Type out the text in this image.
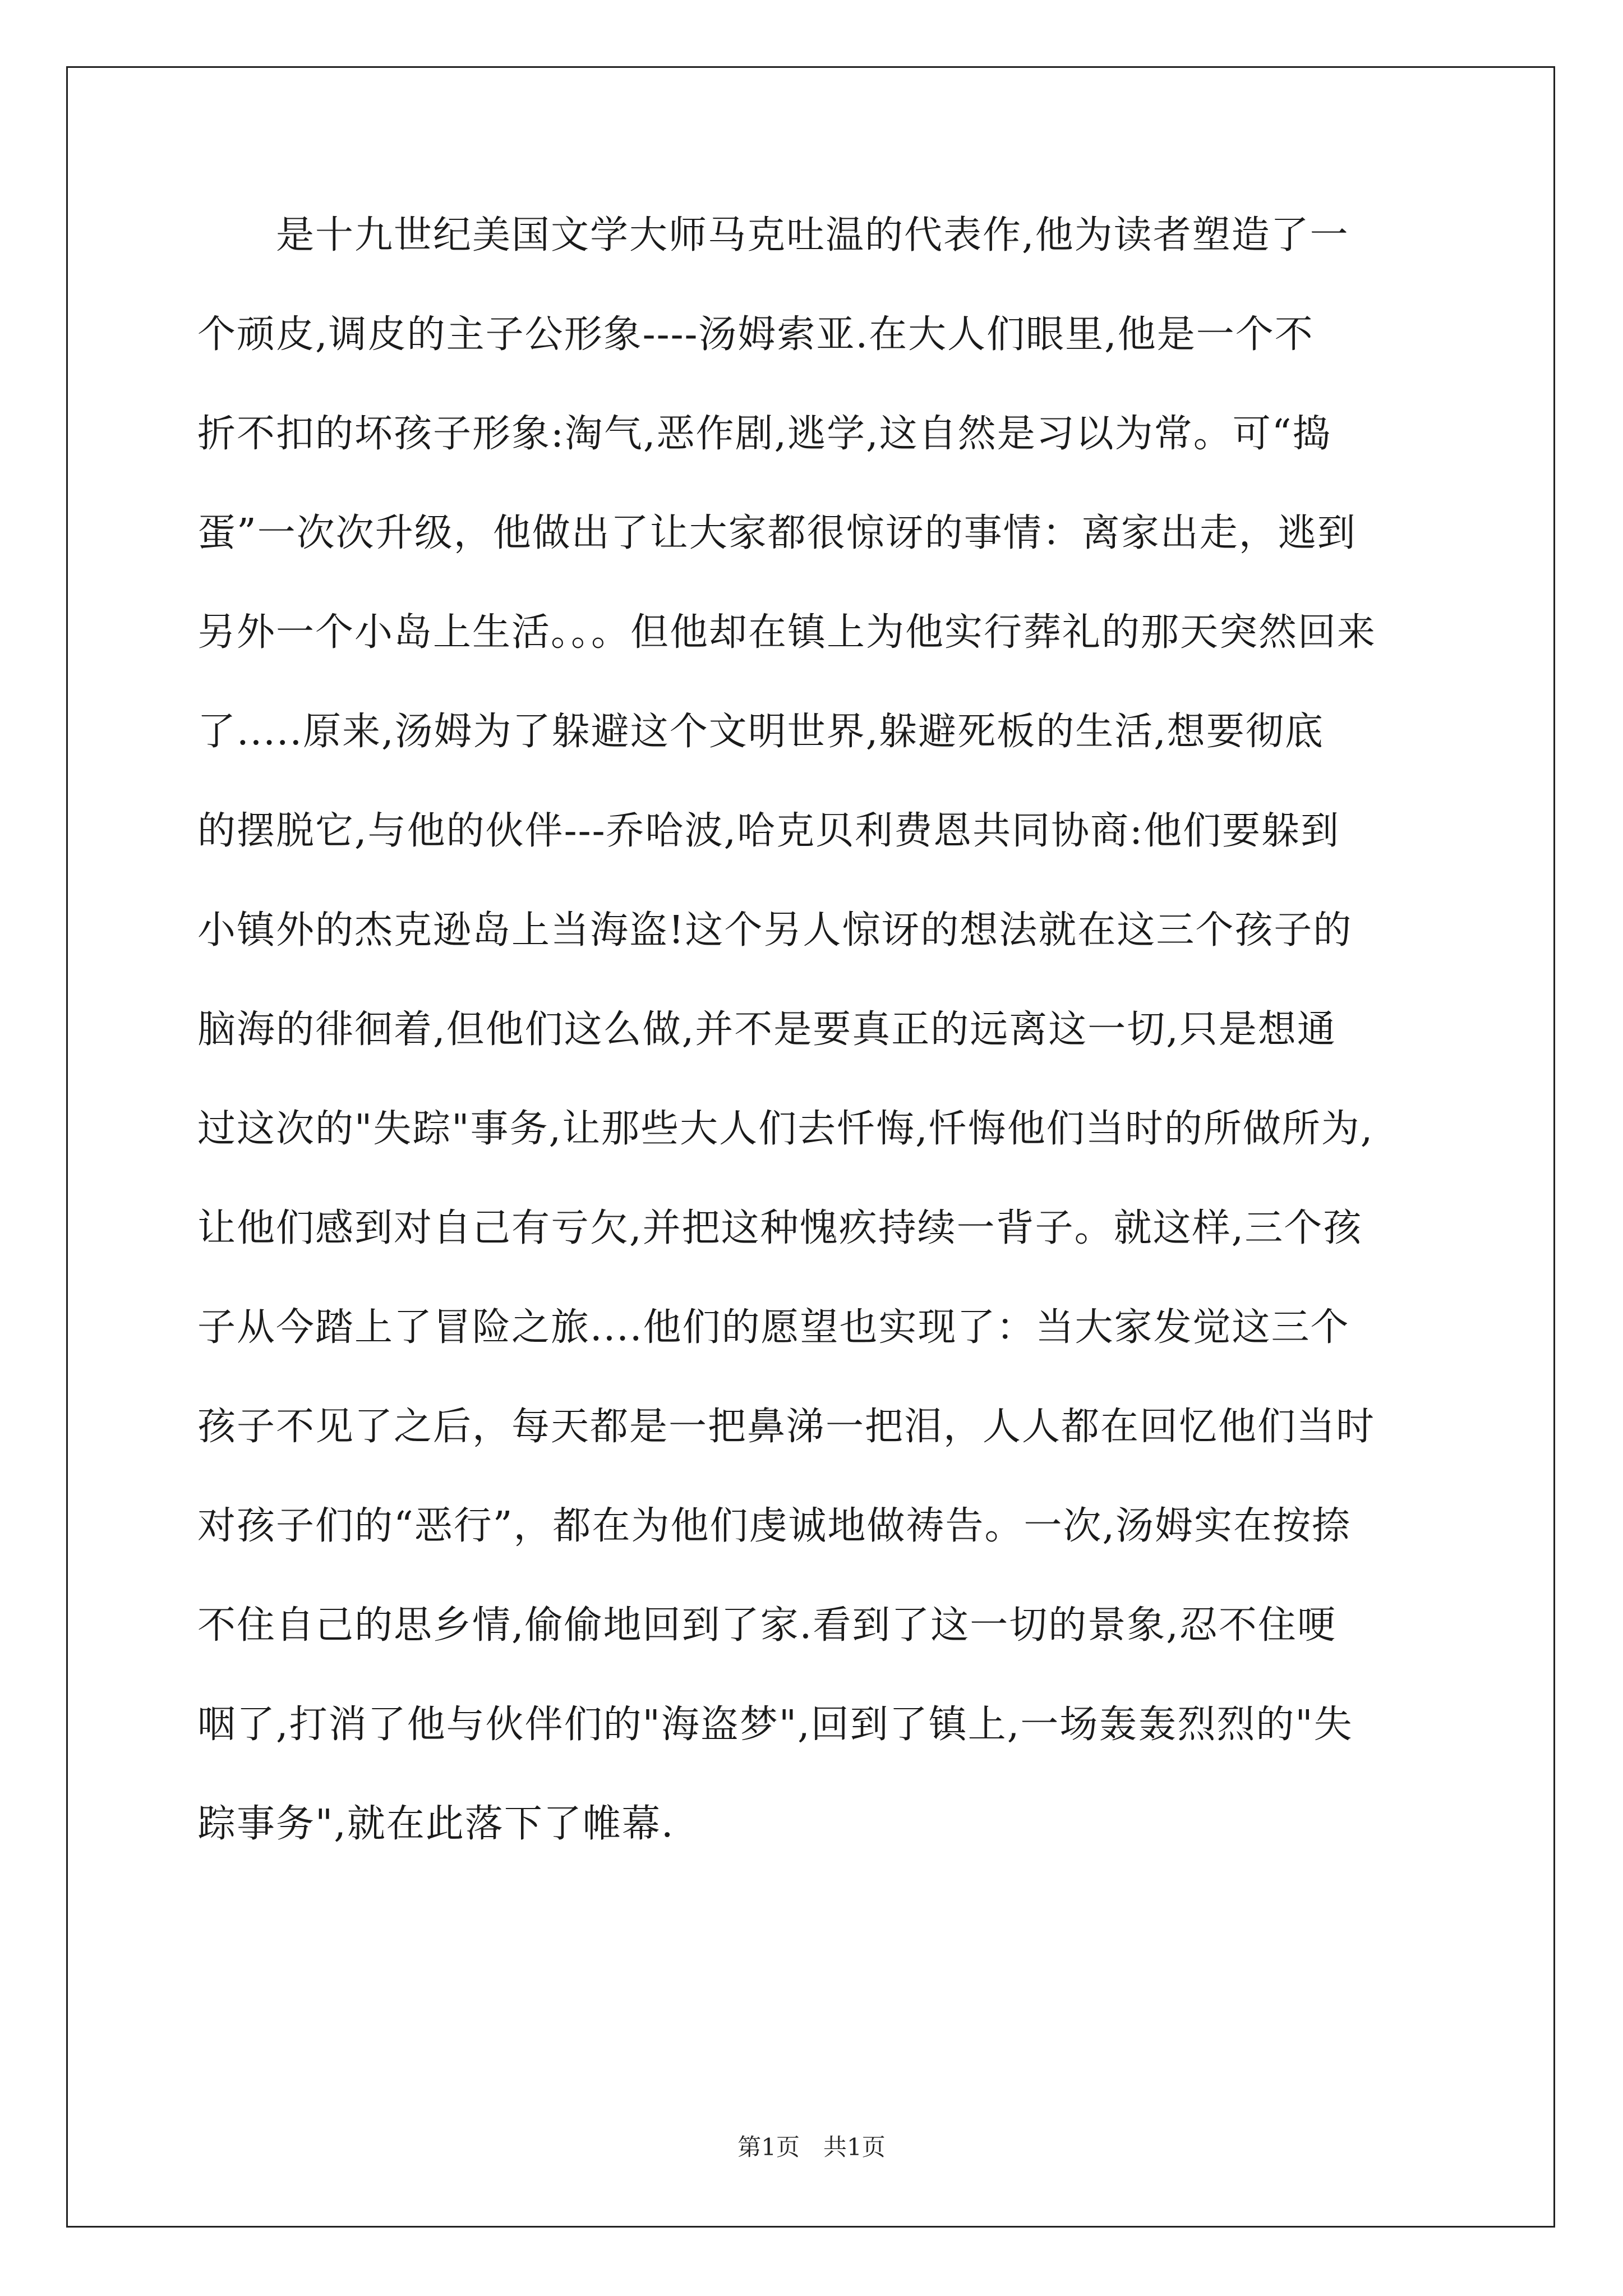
　　是十九世纪美国文学大师马克吐温的代表作,他为读者塑造了一
个顽皮,调皮的主子公形象----汤姆索亚.在大人们眼里,他是一个不
折不扣的坏孩子形象:淘气,恶作剧,逃学,这自然是习以为常。可“捣
蛋”一次次升级，他做出了让大家都很惊讶的事情：离家出走，逃到
另外一个小岛上生活。。。但他却在镇上为他实行葬礼的那天突然回来
了.....原来,汤姆为了躲避这个文明世界,躲避死板的生活,想要彻底
的摆脱它,与他的伙伴---乔哈波,哈克贝利费恩共同协商:他们要躲到
小镇外的杰克逊岛上当海盗!这个另人惊讶的想法就在这三个孩子的
脑海的徘徊着,但他们这么做,并不是要真正的远离这一切,只是想通
过这次的"失踪"事务,让那些大人们去忏悔,忏悔他们当时的所做所为,
让他们感到对自己有亏欠,并把这种愧疚持续一背子。就这样,三个孩
子从今踏上了冒险之旅....他们的愿望也实现了：当大家发觉这三个
孩子不见了之后，每天都是一把鼻涕一把泪，人人都在回忆他们当时
对孩子们的“恶行”，都在为他们虔诚地做祷告。一次,汤姆实在按捺
不住自己的思乡情,偷偷地回到了家.看到了这一切的景象,忍不住哽
咽了,打消了他与伙伴们的"海盗梦",回到了镇上,一场轰轰烈烈的"失
踪事务",就在此落下了帷幕.
第1页　共1页
